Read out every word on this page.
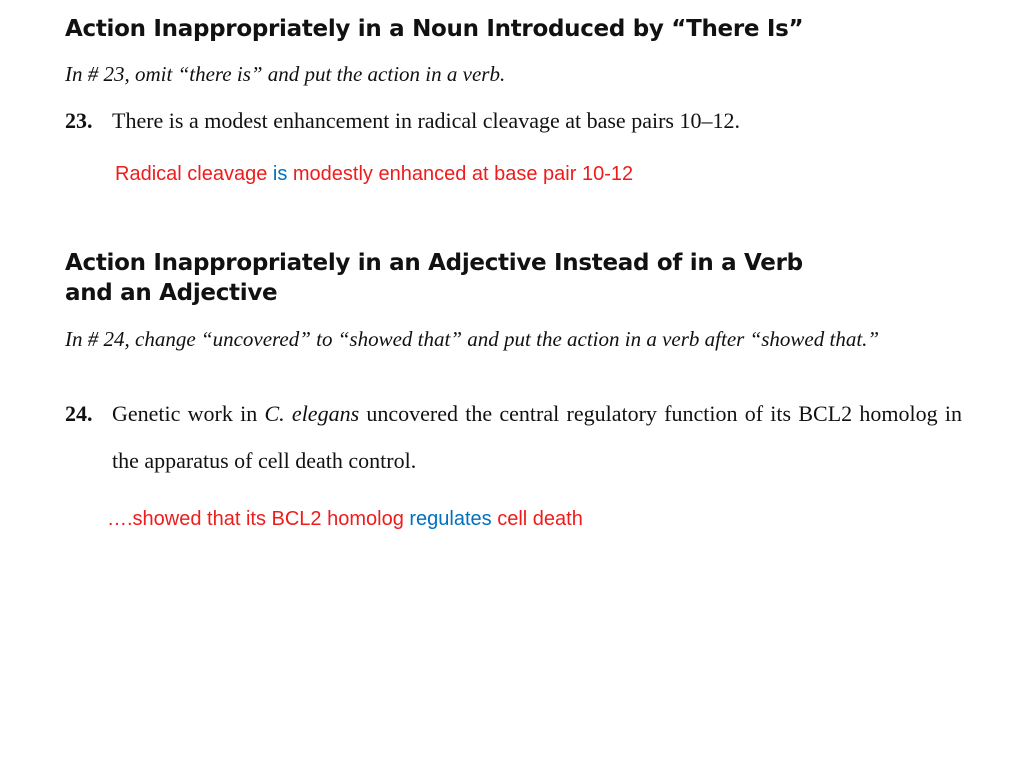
Action Inappropriately in a Noun Introduced by “There Is”
In # 23, omit “there is” and put the action in a verb.
23. There is a modest enhancement in radical cleavage at base pairs 10–12.
Radical cleavage is modestly enhanced at base pair 10-12
Action Inappropriately in an Adjective Instead of in a Verb
and an Adjective
In # 24, change “uncovered” to “showed that” and put the action in a verb after “showed that.”
24. Genetic work in C. elegans uncovered the central regulatory function of its BCL2 homolog in the apparatus of cell death control.
….showed that its BCL2 homolog regulates cell death
